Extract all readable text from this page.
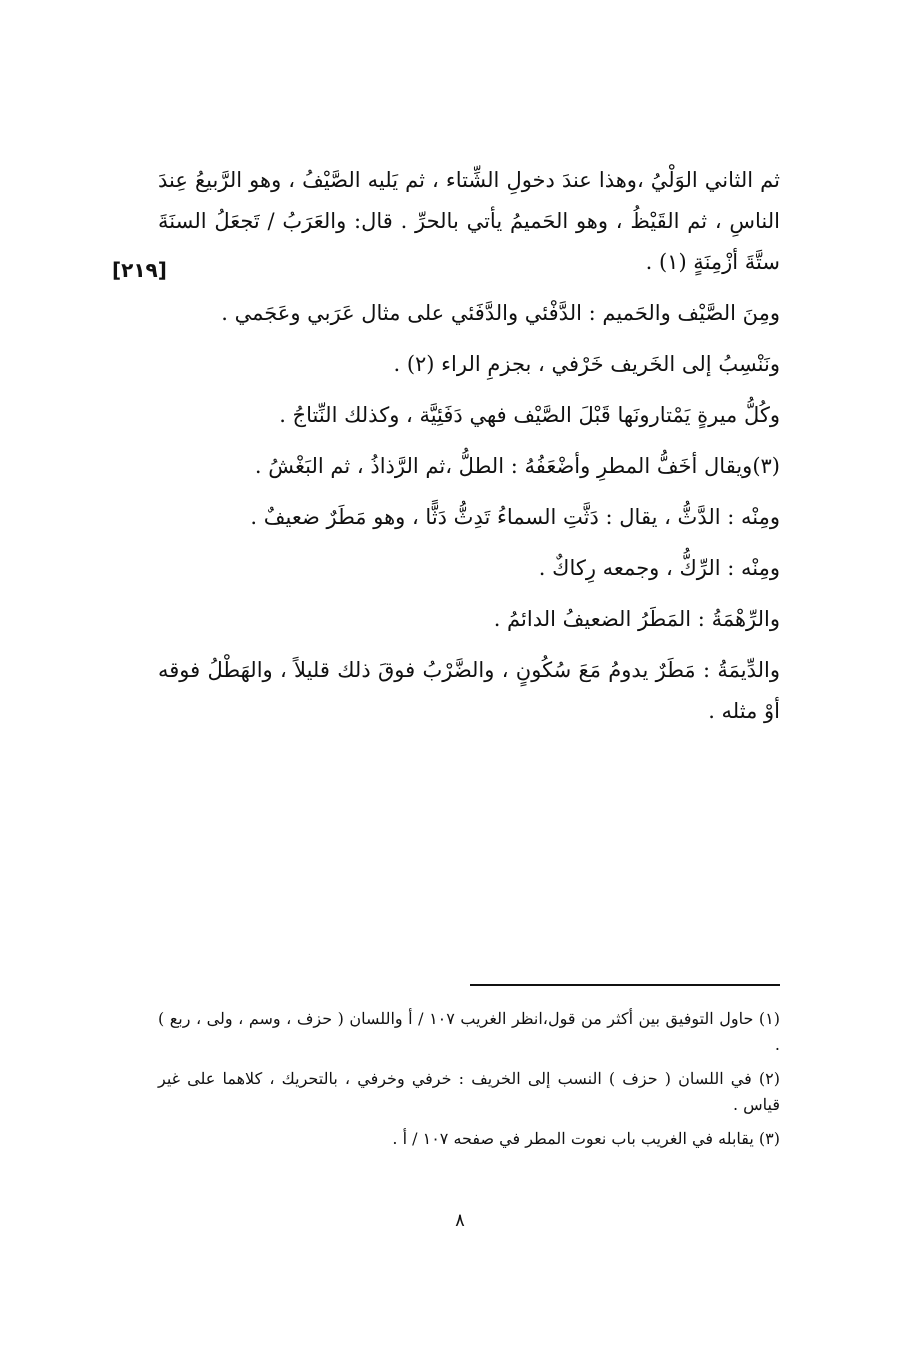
[٢١٩]

ثم الثاني الوَلْيُ ،وهذا عندَ دخولِ الشِّتاء ، ثم يَليه الصَّيْفُ ، وهو الرَّبيعُ عِندَ الناسِ ، ثم القَيْظُ ، وهو الحَميمُ يأتي بالحرِّ . قال: والعَرَبُ / تَجعَلُ السنَةَ ستَّةَ أزْمِنَةٍ (١) .

ومِنَ الصَّيْف والحَميم : الدَّفْئي والدَّفَئي على مثال عَرَبي وعَجَمي .

ونَنْسِبُ إلى الخَريف خَرْفي ، بجزمِ الراء (٢) .

وكُلُّ ميرةٍ يَمْتارونَها قَبْلَ الصَّيْف فهي دَفَئِيَّة ، وكذلك النِّتاجُ .

(٣)ويقال أخَفُّ المطرِ وأضْعَفُهُ : الطلُّ ،ثم الرَّذاذُ ، ثم البَغْشُ .

ومِنْه : الدَّثُّ ، يقال : دَثَّتِ السماءُ تَدِثُّ دَثًّا ، وهو مَطَرٌ ضعيفٌ .

ومِنْه : الرِّكُّ ، وجمعه رِكاكٌ .

والرِّهْمَةُ : المَطَرُ الضعيفُ الدائمُ .

والدِّيمَةُ : مَطَرٌ يدومُ مَعَ سُكُونٍ ، والضَّرْبُ فوقَ ذلك قليلاً ، والهَطْلُ فوقه أوْ مثله .

(١) حاول التوفيق بين أكثر من قول،انظر الغريب ١٠٧ / أ واللسان ( حزف ، وسم ، ولى ، ربع ) .

(٢) في اللسان ( حزف ) النسب إلى الخريف : خرفي وخرفي ، بالتحريك ، كلاهما على غير قياس .

(٣) يقابله في الغريب باب نعوت المطر في صفحه ١٠٧ / أ .

٨
